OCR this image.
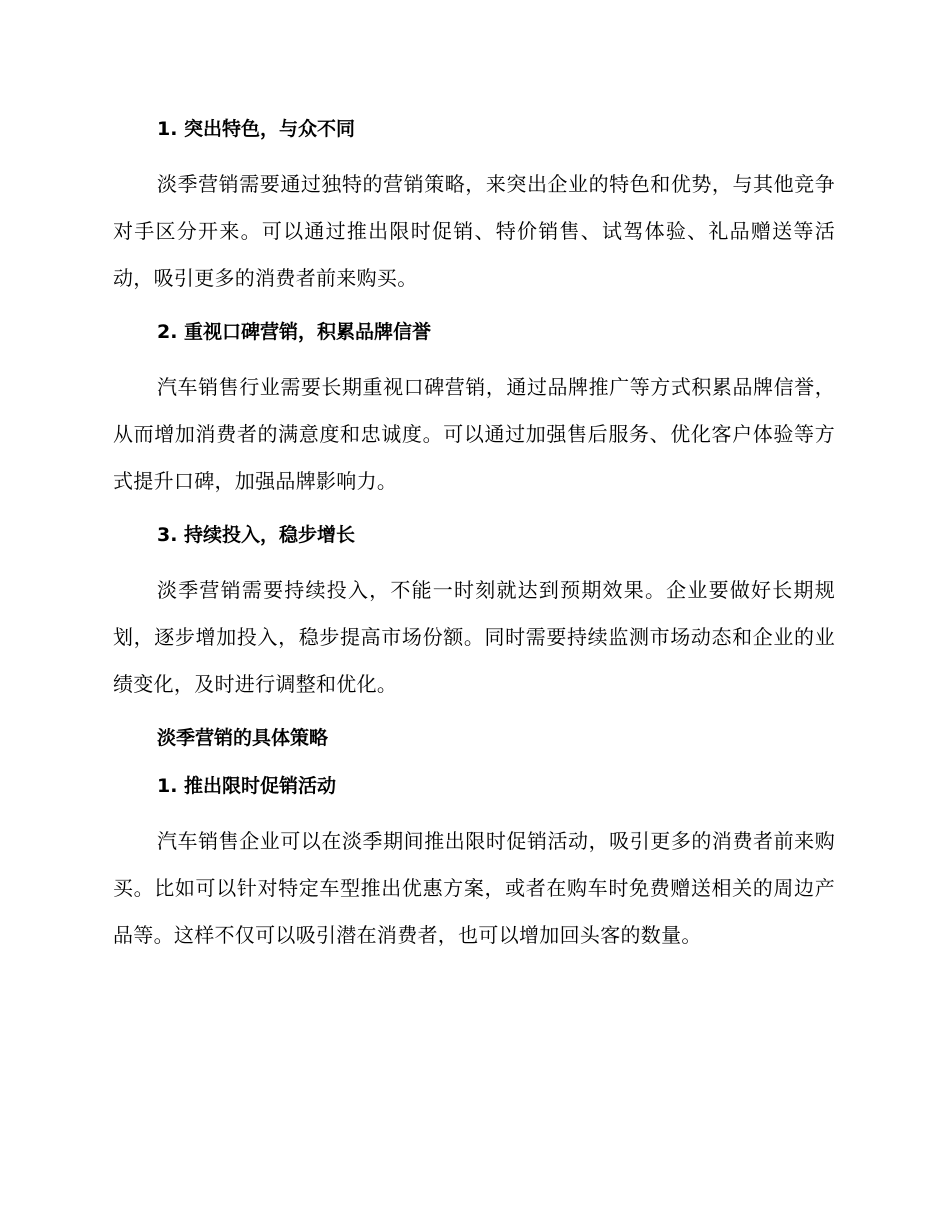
1. 突出特色，与众不同

淡季营销需要通过独特的营销策略，来突出企业的特色和优势，与其他竞争对手区分开来。可以通过推出限时促销、特价销售、试驾体验、礼品赠送等活动，吸引更多的消费者前来购买。

2. 重视口碑营销，积累品牌信誉

汽车销售行业需要长期重视口碑营销，通过品牌推广等方式积累品牌信誉，从而增加消费者的满意度和忠诚度。可以通过加强售后服务、优化客户体验等方式提升口碑，加强品牌影响力。

3. 持续投入，稳步增长

淡季营销需要持续投入，不能一时刻就达到预期效果。企业要做好长期规划，逐步增加投入，稳步提高市场份额。同时需要持续监测市场动态和企业的业绩变化，及时进行调整和优化。

淡季营销的具体策略
1. 推出限时促销活动

汽车销售企业可以在淡季期间推出限时促销活动，吸引更多的消费者前来购买。比如可以针对特定车型推出优惠方案，或者在购车时免费赠送相关的周边产品等。这样不仅可以吸引潜在消费者，也可以增加回头客的数量。
